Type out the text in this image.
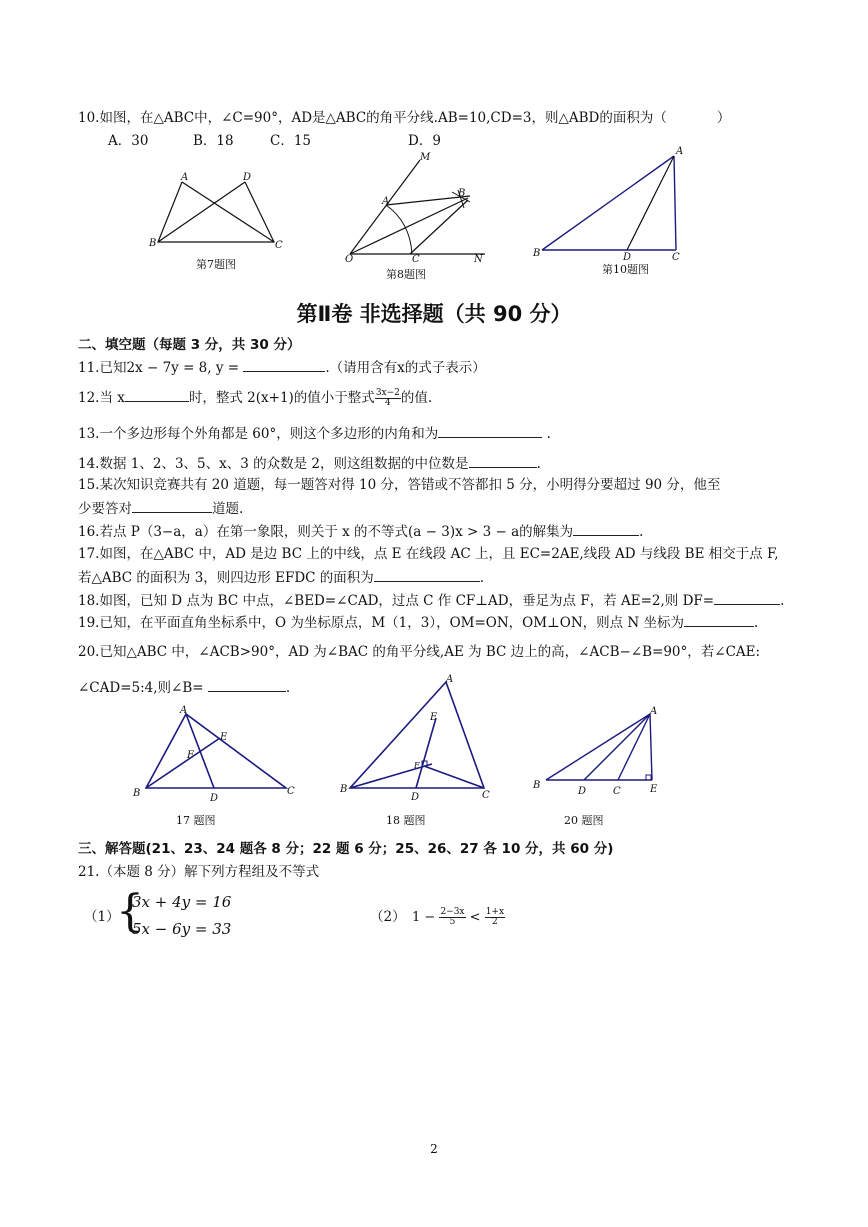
10.如图，在△ABC中，∠C=90°，AD是△ABC的角平分线.AB=10,CD=3，则△ABD的面积为（	）
A．30	B．18	C．15	D．9
A	D
B	C
第7题图
M
A
B
O	C	N
第8题图
A
B	D	C
第10题图
第Ⅱ卷 非选择题（共 90 分）
二、填空题（每题 3 分，共 30 分）
11.已知2x − 7y = 8, y =	.（请用含有x的式子表示）
12.当 x	时，整式 2(x+1)的值小于整式 $\frac{3x-2}{4}$ 的值.
13.一个多边形每个外角都是 60°，则这个多边形的内角和为	.
14.数据 1、2、3、5、x、3 的众数是 2，则这组数据的中位数是	.
15.某次知识竞赛共有 20 道题，每一题答对得 10 分，答错或不答都扣 5 分，小明得分要超过 90 分，他至
少要答对	道题.
16.若点 P（3−a，a）在第一象限，则关于 x 的不等式(a − 3)x > 3 − a的解集为	.
17.如图，在△ABC 中，AD 是边 BC 上的中线，点 E 在线段 AC 上，且 EC=2AE,线段 AD 与线段 BE 相交于点 F,
若△ABC 的面积为 3，则四边形 EFDC 的面积为	.
18.如图，已知 D 点为 BC 中点，∠BED=∠CAD，过点 C 作 CF⊥AD，垂足为点 F，若 AE=2,则 DF=	.
19.已知，在平面直角坐标系中，O 为坐标原点，M（1，3），OM=ON，OM⊥ON，则点 N 坐标为	.
20.已知△ABC 中，∠ACB>90°，AD 为∠BAC 的角平分线,AE 为 BC 边上的高，∠ACB−∠B=90°，若∠CAE:
∠CAD=5:4,则∠B=	.
A
E
F
B	D
C
17 题图
A
E
F
B
D	C
18 题图
A
B
D	C	E
20 题图
三、解答题(21、23、24 题各 8 分；22 题 6 分；25、26、27 各 10 分，共 60 分)
21.（本题 8 分）解下列方程组及不等式
（1）
{
3x + 4y = 16
5x − 6y = 33
（2） $1 - \frac{2-3x}{5} < \frac{1+x}{2}$
2
